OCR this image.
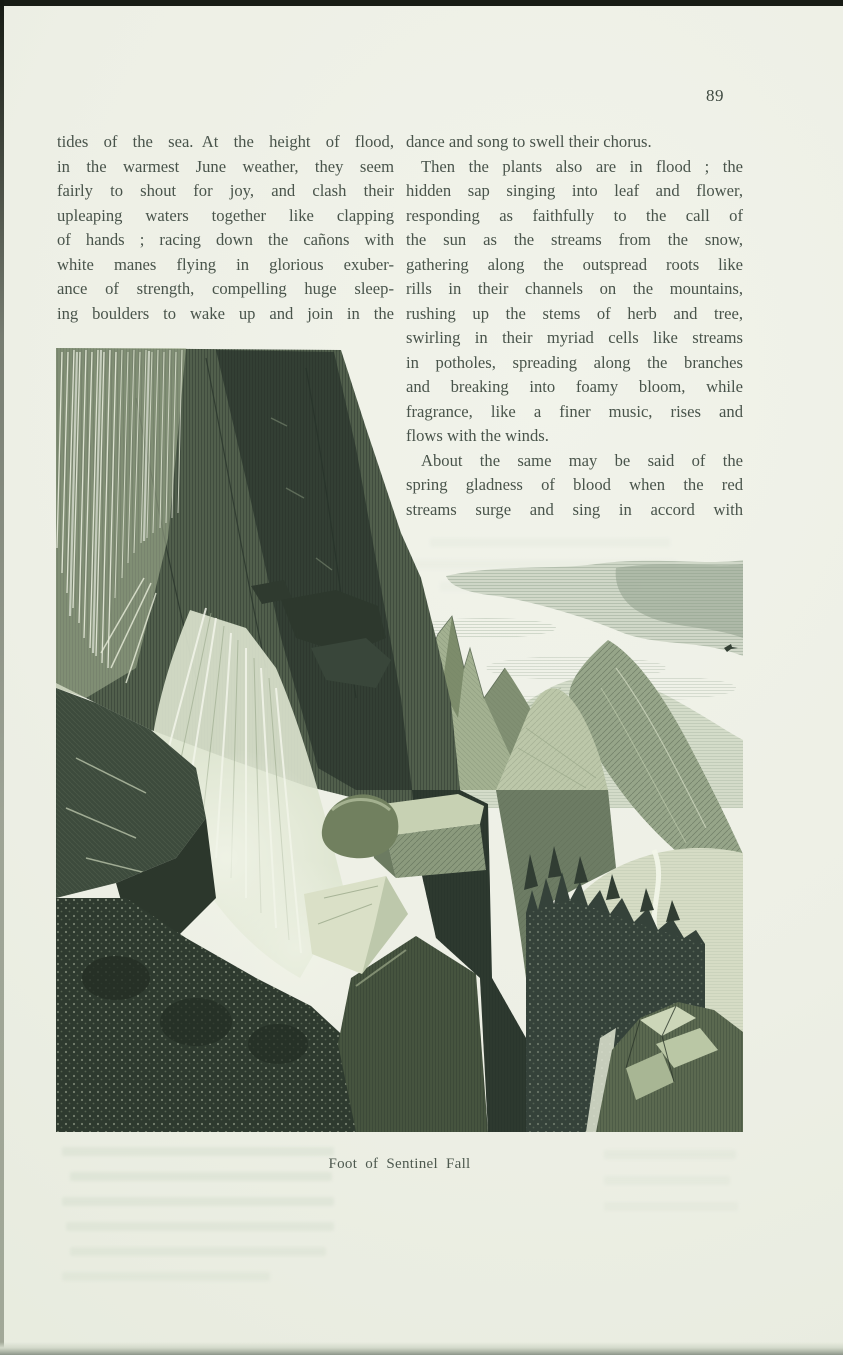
89
tides of the sea. At the height of flood,
in the warmest June weather, they seem
fairly to shout for joy, and clash their
upleaping waters together like clapping
of hands ; racing down the cañons with
white manes flying in glorious exuber-
ance of strength, compelling huge sleep-
ing boulders to wake up and join in the
dance and song to swell their chorus.
Then the plants also are in flood ; the
hidden sap singing into leaf and flower,
responding as faithfully to the call of
the sun as the streams from the snow,
gathering along the outspread roots like
rills in their channels on the mountains,
rushing up the stems of herb and tree,
swirling in their myriad cells like streams
in potholes, spreading along the branches
and breaking into foamy bloom, while
fragrance, like a finer music, rises and
flows with the winds.
About the same may be said of the
spring gladness of blood when the red
streams surge and sing in accord with
Foot of Sentinel Fall
